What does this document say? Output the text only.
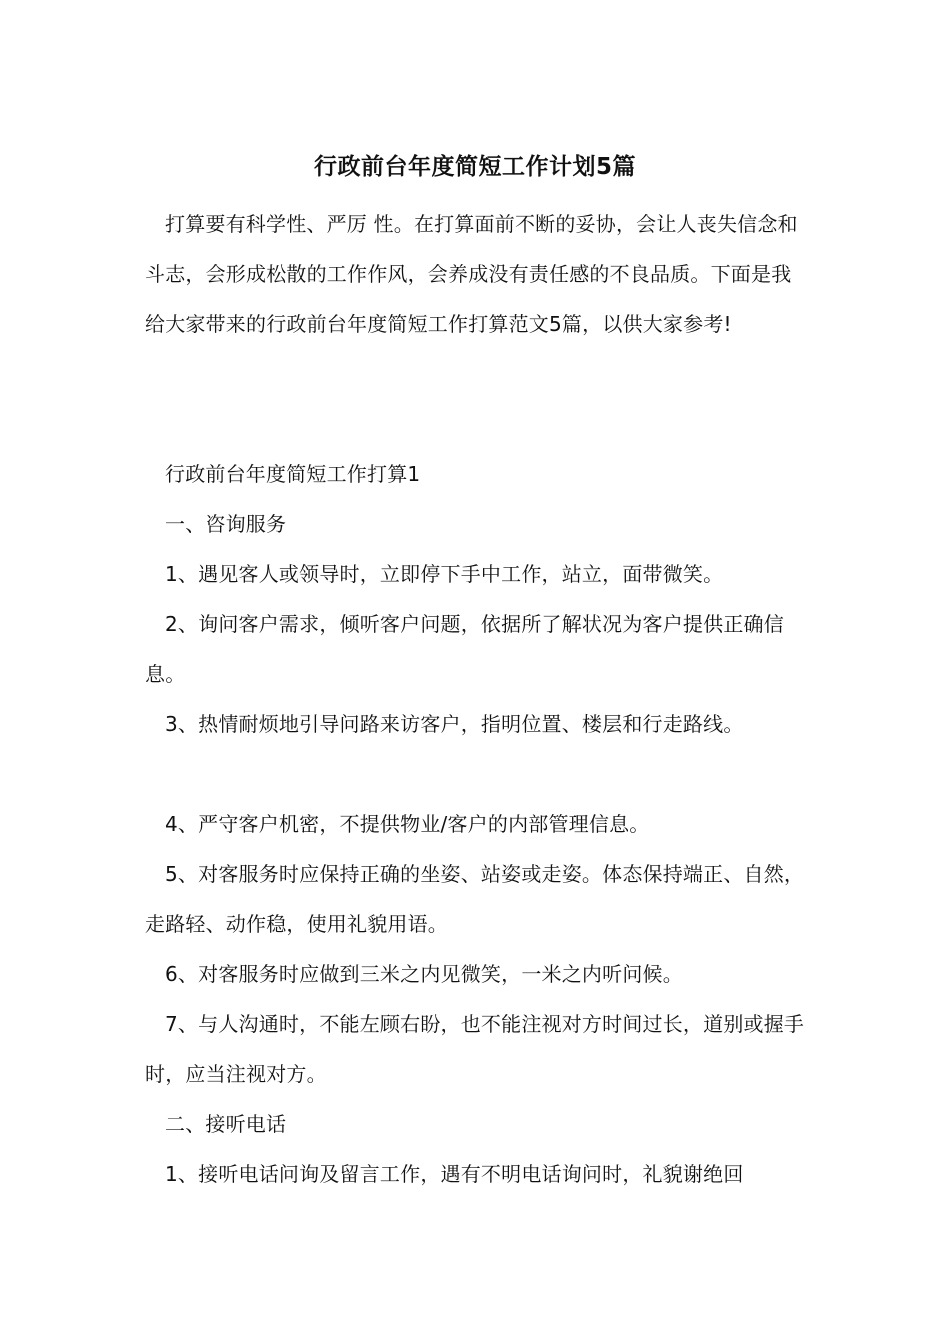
行政前台年度简短工作计划5篇

打算要有科学性、严厉 性。在打算面前不断的妥协，会让人丧失信念和斗志，会形成松散的工作作风，会养成没有责任感的不良品质。下面是我给大家带来的行政前台年度简短工作打算范文5篇，以供大家参考!

行政前台年度简短工作打算1

一、咨询服务

1、遇见客人或领导时，立即停下手中工作，站立，面带微笑。

2、询问客户需求，倾听客户问题，依据所了解状况为客户提供正确信息。

3、热情耐烦地引导问路来访客户，指明位置、楼层和行走路线。

4、严守客户机密，不提供物业/客户的内部管理信息。

5、对客服务时应保持正确的坐姿、站姿或走姿。体态保持端正、自然，走路轻、动作稳，使用礼貌用语。

6、对客服务时应做到三米之内见微笑，一米之内听问候。

7、与人沟通时，不能左顾右盼，也不能注视对方时间过长，道别或握手时，应当注视对方。

二、接听电话

1、接听电话问询及留言工作，遇有不明电话询问时，礼貌谢绝回
